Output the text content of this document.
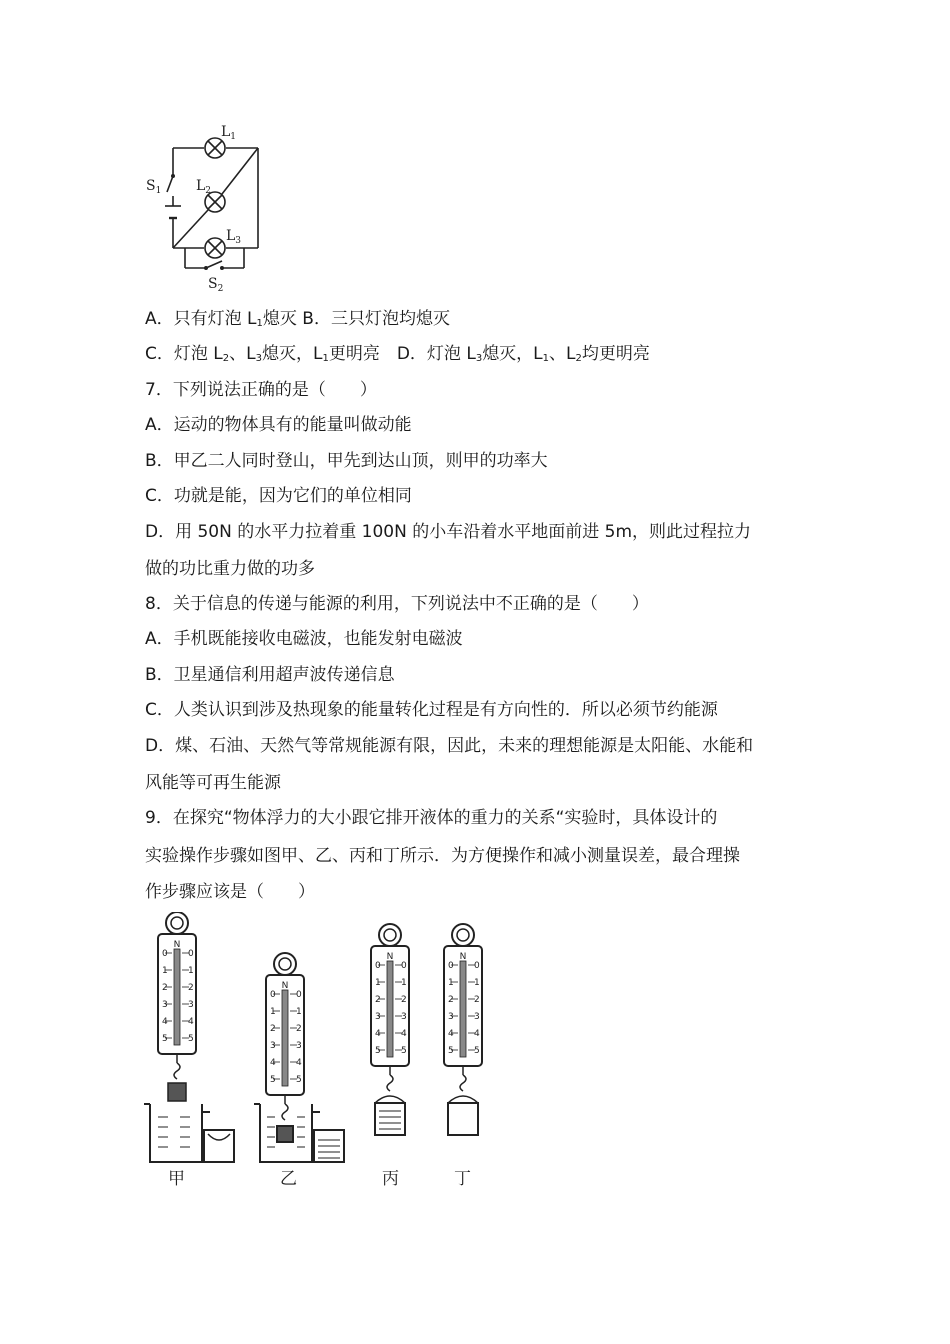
$L_1$
$L_2$
$L_3$
$S_1$
$S_2$
A．只有灯泡 $L_1$熄灭 B．三只灯泡均熄灭
C．灯泡 $L_2$、$L_3$熄灭，$L_1$更明亮　D．灯泡 $L_3$熄灭，$L_1$、$L_2$均更明亮
7．下列说法正确的是（　　）
A．运动的物体具有的能量叫做动能
B．甲乙二人同时登山，甲先到达山顶，则甲的功率大
C．功就是能，因为它们的单位相同
D．用 50N 的水平力拉着重 100N 的小车沿着水平地面前进 5m，则此过程拉力
做的功比重力做的功多
8．关于信息的传递与能源的利用，下列说法中不正确的是（　　）
A．手机既能接收电磁波，也能发射电磁波
B．卫星通信利用超声波传递信息
C．人类认识到涉及热现象的能量转化过程是有方向性的．所以必须节约能源
D．煤、石油、天然气等常规能源有限，因此，未来的理想能源是太阳能、水能和
风能等可再生能源
9．在探究“物体浮力的大小跟它排开液体的重力的关系“实验时，具体设计的
实验操作步骤如图甲、乙、丙和丁所示．为方便操作和减小测量误差，最合理操
作步骤应该是（　　）
N
0 0
1 1
2 2
3 3
4 4
5 5
N
0 0
1 1
2 2
3 3
4 4
5 5
N
0 0
1 1
2 2
3 3
4 4
5 5
N
0 0
1 1
2 2
3 3
4 4
5 5
甲	乙	丙	丁
